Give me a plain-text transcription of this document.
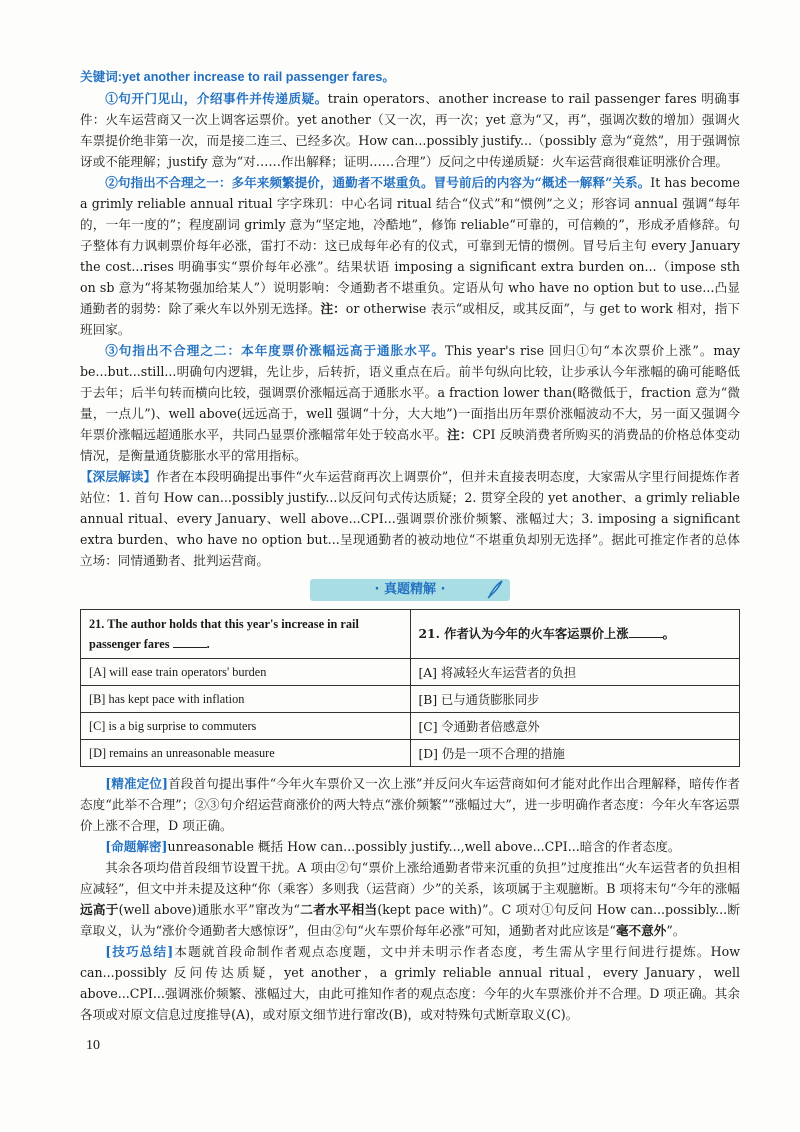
关键词:yet another increase to rail passenger fares。

①句开门见山，介绍事件并传递质疑。train operators、another increase to rail passenger fares 明确事件：火车运营商又一次上调客运票价。yet another（又一次，再一次；yet 意为“又，再”，强调次数的增加）强调火车票提价绝非第一次，而是接二连三、已经多次。How can...possibly justify...（possibly 意为“竟然”，用于强调惊讶或不能理解；justify 意为“对……作出解释；证明……合理”）反问之中传递质疑：火车运营商很难证明涨价合理。

②句指出不合理之一：多年来频繁提价，通勤者不堪重负。冒号前后的内容为“概述一解释”关系。It has become a grimly reliable annual ritual 字字珠玑：中心名词 ritual 结合“仪式”和“惯例”之义；形容词 annual 强调“每年的，一年一度的”；程度副词 grimly 意为“坚定地，冷酷地”，修饰 reliable“可靠的，可信赖的”，形成矛盾修辞。句子整体有力讽刺票价每年必涨，雷打不动：这已成每年必有的仪式，可靠到无情的惯例。冒号后主句 every January the cost...rises 明确事实“票价每年必涨”。结果状语 imposing a significant extra burden on...（impose sth on sb 意为“将某物强加给某人”）说明影响：令通勤者不堪重负。定语从句 who have no option but to use...凸显通勤者的弱势：除了乘火车以外别无选择。注：or otherwise 表示“或相反，或其反面”，与 get to work 相对，指下班回家。

③句指出不合理之二：本年度票价涨幅远高于通胀水平。This year's rise 回归①句“本次票价上涨”。may be...but...still...明确句内逻辑，先让步，后转折，语义重点在后。前半句纵向比较，让步承认今年涨幅的确可能略低于去年；后半句转而横向比较，强调票价涨幅远高于通胀水平。a fraction lower than(略微低于，fraction 意为“微量，一点儿”)、well above(远远高于，well 强调“十分，大大地”)一面指出历年票价涨幅波动不大，另一面又强调今年票价涨幅远超通胀水平，共同凸显票价涨幅常年处于较高水平。注：CPI 反映消费者所购买的消费品的价格总体变动情况，是衡量通货膨胀水平的常用指标。

【深层解读】作者在本段明确提出事件“火车运营商再次上调票价”，但并未直接表明态度，大家需从字里行间提炼作者站位：1. 首句 How can...possibly justify...以反问句式传达质疑；2. 贯穿全段的 yet another、a grimly reliable annual ritual、every January、well above...CPI...强调票价涨价频繁、涨幅过大；3. imposing a significant extra burden、who have no option but...呈现通勤者的被动地位“不堪重负却别无选择”。据此可推定作者的总体立场：同情通勤者、批判运营商。

· 真题精解 ·
21. The author holds that this year's increase in rail passenger fares .	21. 作者认为今年的火车客运票价上涨 。
[A] will ease train operators' burden	[A] 将减轻火车运营者的负担
[B] has kept pace with inflation	[B] 已与通货膨胀同步
[C] is a big surprise to commuters	[C] 令通勤者倍感意外
[D] remains an unreasonable measure	[D] 仍是一项不合理的措施

[精准定位]首段首句提出事件“今年火车票价又一次上涨”并反问火车运营商如何才能对此作出合理解释，暗传作者态度“此举不合理”；②③句介绍运营商涨价的两大特点“涨价频繁”“涨幅过大”，进一步明确作者态度：今年火车客运票价上涨不合理，D 项正确。

[命题解密]unreasonable 概括 How can...possibly justify...,well above...CPI...暗含的作者态度。

其余各项均借首段细节设置干扰。A 项由②句“票价上涨给通勤者带来沉重的负担”过度推出“火车运营者的负担相应减轻”，但文中并未提及这种“你（乘客）多则我（运营商）少”的关系，该项属于主观臆断。B 项将末句“今年的涨幅远高于(well above)通胀水平”窜改为“二者水平相当(kept pace with)”。C 项对①句反问 How can...possibly...断章取义，认为“涨价令通勤者大感惊讶”，但由②句“火车票价每年必涨”可知，通勤者对此应该是“毫不意外”。

[技巧总结]本题就首段命制作者观点态度题，文中并未明示作者态度，考生需从字里行间进行提炼。How can...possibly 反问传达质疑，yet another，a grimly reliable annual ritual，every January，well above...CPI...强调涨价频繁、涨幅过大，由此可推知作者的观点态度：今年的火车票涨价并不合理。D 项正确。其余各项或对原文信息过度推导(A)，或对原文细节进行窜改(B)，或对特殊句式断章取义(C)。

10
